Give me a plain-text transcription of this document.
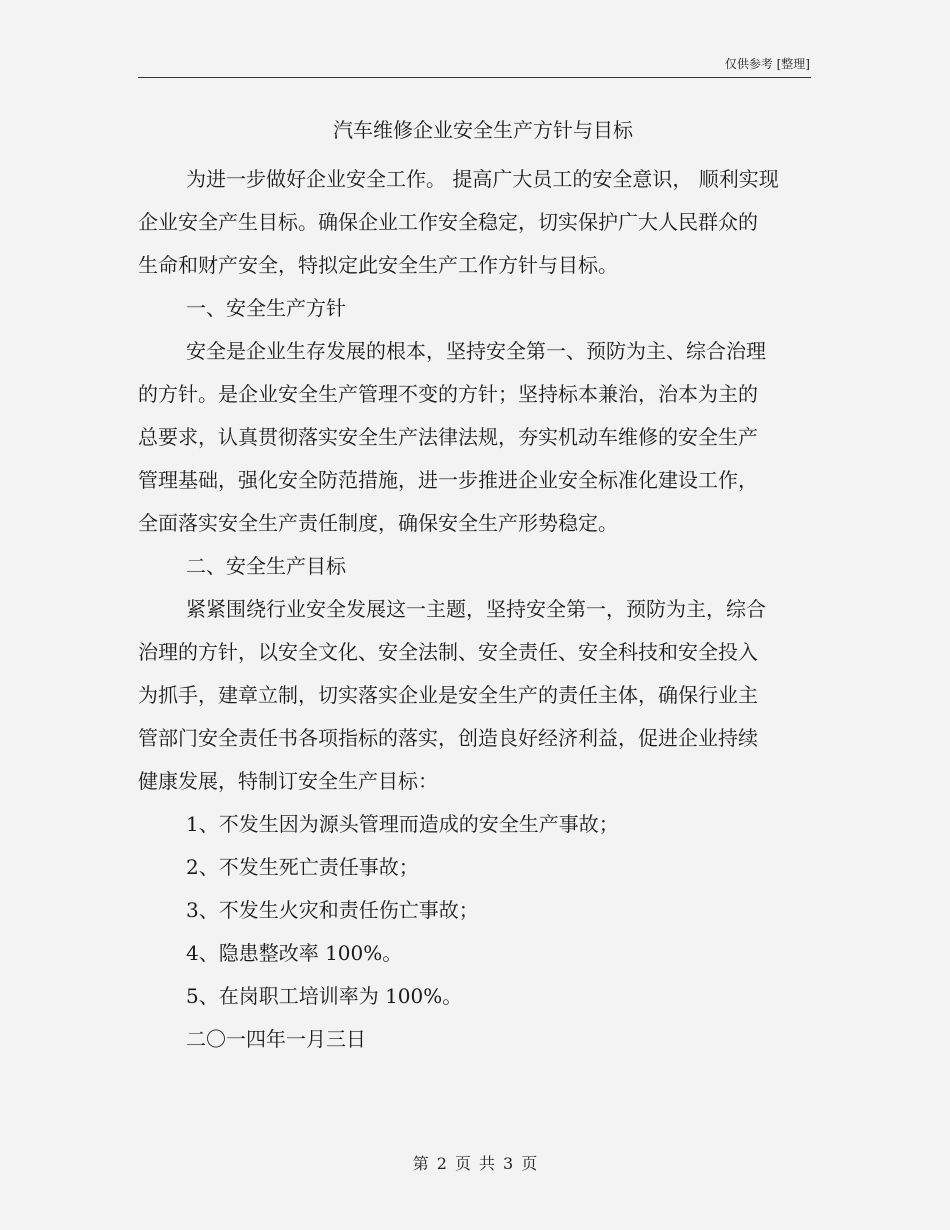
仅供参考 [整理]
汽车维修企业安全生产方针与目标
为进一步做好企业安全工作。 提高广大员工的安全意识， 顺利实现
企业安全产生目标。确保企业工作安全稳定，切实保护广大人民群众的
生命和财产安全，特拟定此安全生产工作方针与目标。
一、安全生产方针
安全是企业生存发展的根本，坚持安全第一、预防为主、综合治理
的方针。是企业安全生产管理不变的方针；坚持标本兼治，治本为主的
总要求，认真贯彻落实安全生产法律法规，夯实机动车维修的安全生产
管理基础，强化安全防范措施，进一步推进企业安全标准化建设工作，
全面落实安全生产责任制度，确保安全生产形势稳定。
二、安全生产目标
紧紧围绕行业安全发展这一主题，坚持安全第一，预防为主，综合
治理的方针，以安全文化、安全法制、安全责任、安全科技和安全投入
为抓手，建章立制，切实落实企业是安全生产的责任主体，确保行业主
管部门安全责任书各项指标的落实，创造良好经济利益，促进企业持续
健康发展，特制订安全生产目标：
1、不发生因为源头管理而造成的安全生产事故；
2、不发生死亡责任事故；
3、不发生火灾和责任伤亡事故；
4、隐患整改率 100%。
5、在岗职工培训率为 100%。
二〇一四年一月三日
第 2 页 共 3 页
